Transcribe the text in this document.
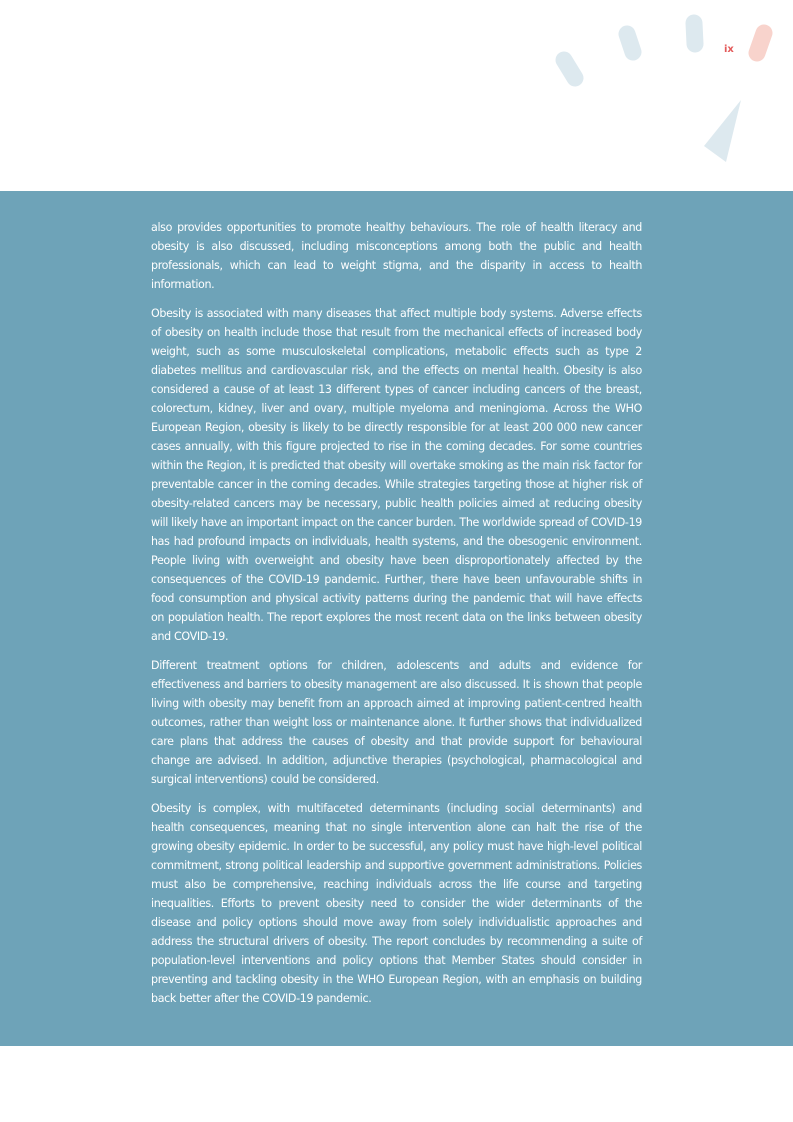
ix

also provides opportunities to promote healthy behaviours. The role of health literacy and obesity is also discussed, including misconceptions among both the public and health professionals, which can lead to weight stigma, and the disparity in access to health information.

Obesity is associated with many diseases that affect multiple body systems. Adverse effects of obesity on health include those that result from the mechanical effects of increased body weight, such as some musculoskeletal complications, metabolic effects such as type 2 diabetes mellitus and cardiovascular risk, and the effects on mental health. Obesity is also considered a cause of at least 13 different types of cancer including cancers of the breast, colorectum, kidney, liver and ovary, multiple myeloma and meningioma. Across the WHO European Region, obesity is likely to be directly responsible for at least 200 000 new cancer cases annually, with this figure projected to rise in the coming decades. For some countries within the Region, it is predicted that obesity will overtake smoking as the main risk factor for preventable cancer in the coming decades. While strategies targeting those at higher risk of obesity-related cancers may be necessary, public health policies aimed at reducing obesity will likely have an important impact on the cancer burden. The worldwide spread of COVID-19 has had profound impacts on individuals, health systems, and the obesogenic environment. People living with overweight and obesity have been disproportionately affected by the consequences of the COVID-19 pandemic. Further, there have been unfavourable shifts in food consumption and physical activity patterns during the pandemic that will have effects on population health. The report explores the most recent data on the links between obesity and COVID-19.

Different treatment options for children, adolescents and adults and evidence for effectiveness and barriers to obesity management are also discussed. It is shown that people living with obesity may benefit from an approach aimed at improving patient-centred health outcomes, rather than weight loss or maintenance alone. It further shows that individualized care plans that address the causes of obesity and that provide support for behavioural change are advised. In addition, adjunctive therapies (psychological, pharmacological and surgical interventions) could be considered.

Obesity is complex, with multifaceted determinants (including social determinants) and health consequences, meaning that no single intervention alone can halt the rise of the growing obesity epidemic. In order to be successful, any policy must have high-level political commitment, strong political leadership and supportive government administrations. Policies must also be comprehensive, reaching individuals across the life course and targeting inequalities. Efforts to prevent obesity need to consider the wider determinants of the disease and policy options should move away from solely individualistic approaches and address the structural drivers of obesity. The report concludes by recommending a suite of population-level interventions and policy options that Member States should consider in preventing and tackling obesity in the WHO European Region, with an emphasis on building back better after the COVID-19 pandemic.
